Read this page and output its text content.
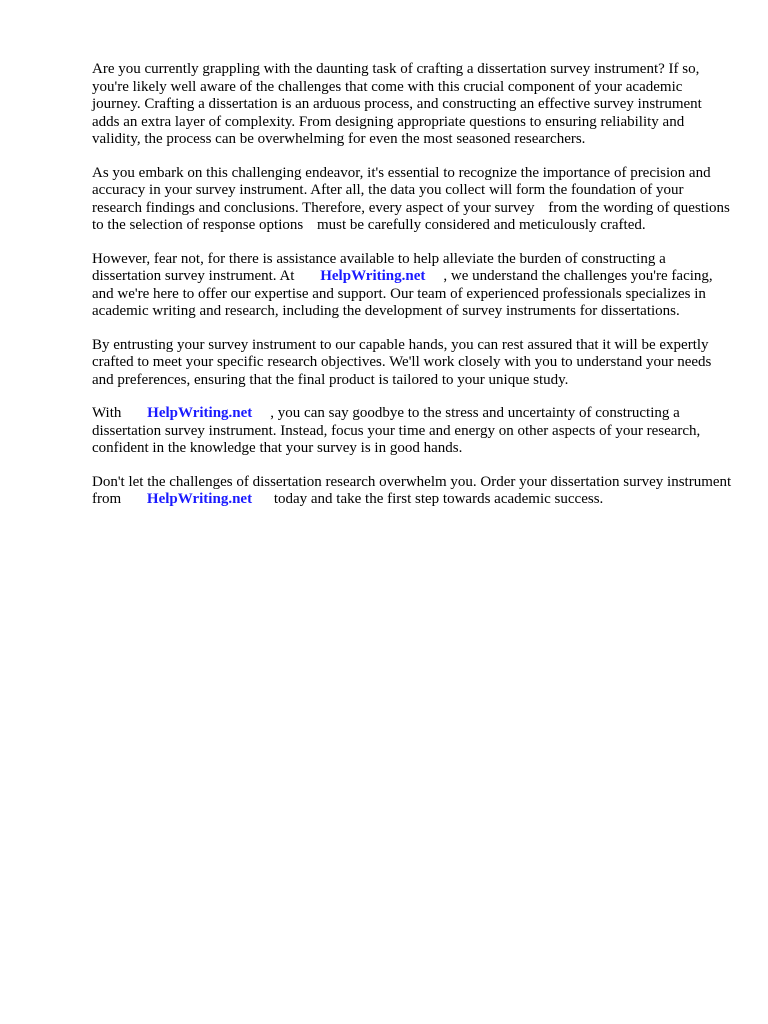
Are you currently grappling with the daunting task of crafting a dissertation survey instrument? If so, you're likely well aware of the challenges that come with this crucial component of your academic journey. Crafting a dissertation is an arduous process, and constructing an effective survey instrument adds an extra layer of complexity. From designing appropriate questions to ensuring reliability and validity, the process can be overwhelming for even the most seasoned researchers.

As you embark on this challenging endeavor, it's essential to recognize the importance of precision and accuracy in your survey instrument. After all, the data you collect will form the foundation of your research findings and conclusions. Therefore, every aspect of your survey from the wording of questions to the selection of response options must be carefully considered and meticulously crafted.

However, fear not, for there is assistance available to help alleviate the burden of constructing a dissertation survey instrument. At HelpWriting.net , we understand the challenges you're facing, and we're here to offer our expertise and support. Our team of experienced professionals specializes in academic writing and research, including the development of survey instruments for dissertations.

By entrusting your survey instrument to our capable hands, you can rest assured that it will be expertly crafted to meet your specific research objectives. We'll work closely with you to understand your needs and preferences, ensuring that the final product is tailored to your unique study.

With HelpWriting.net , you can say goodbye to the stress and uncertainty of constructing a dissertation survey instrument. Instead, focus your time and energy on other aspects of your research, confident in the knowledge that your survey is in good hands.

Don't let the challenges of dissertation research overwhelm you. Order your dissertation survey instrument from HelpWriting.net today and take the first step towards academic success.
